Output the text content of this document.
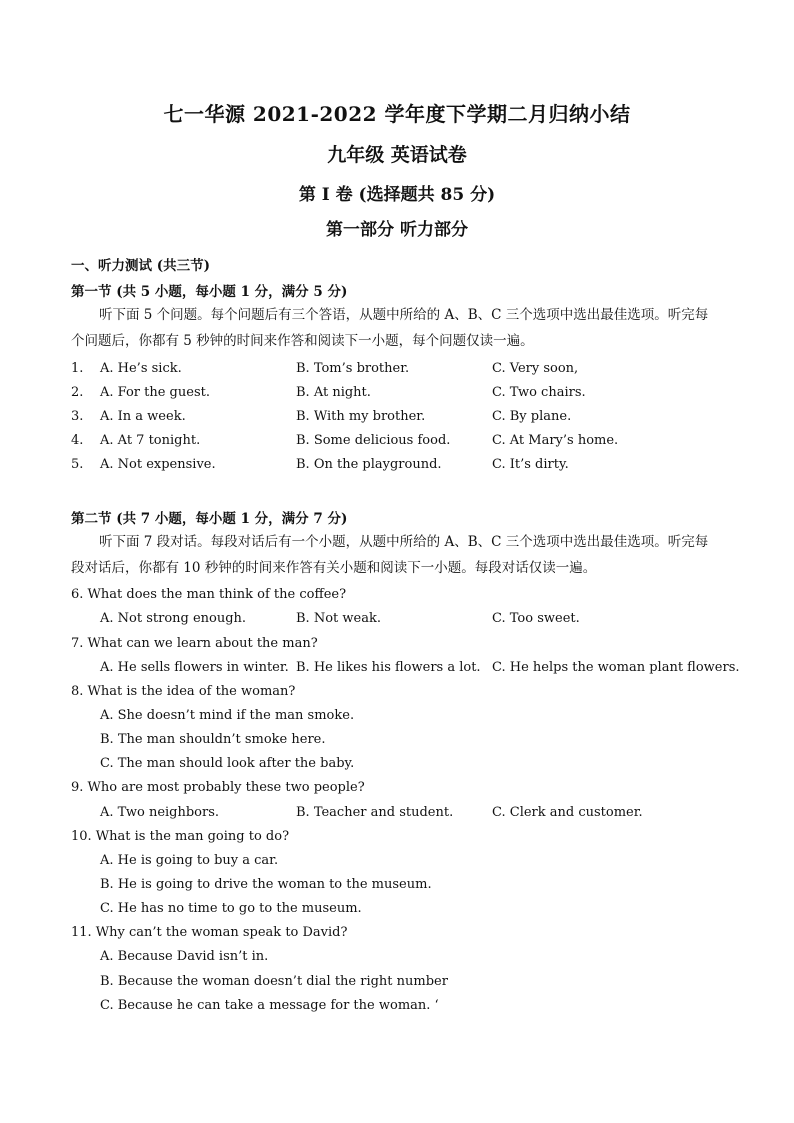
七一华源 2021-2022 学年度下学期二月归纳小结
九年级 英语试卷
第 I 卷 (选择题共 85 分)
第一部分 听力部分
一、听力测试 (共三节)
第一节 (共 5 小题，每小题 1 分，满分 5 分)
听下面 5 个问题。每个问题后有三个答语，从题中所给的 A、B、C 三个选项中选出最佳选项。听完每
个问题后，你都有 5 秒钟的时间来作答和阅读下一小题，每个问题仅读一遍。
1. A. He’s sick.	B. Tom’s brother.	C. Very soon,
2. A. For the guest.	B. At night.	C. Two chairs.
3. A. In a week.	B. With my brother.	C. By plane.
4. A. At 7 tonight.	B. Some delicious food.	C. At Mary’s home.
5. A. Not expensive.	B. On the playground.	C. It’s dirty.
第二节 (共 7 小题，每小题 1 分，满分 7 分)
听下面 7 段对话。每段对话后有一个小题，从题中所给的 A、B、C 三个选项中选出最佳选项。听完每
段对话后，你都有 10 秒钟的时间来作答有关小题和阅读下一小题。每段对话仅读一遍。
6. What does the man think of the coffee?
A. Not strong enough.	B. Not weak.	C. Too sweet.
7. What can we learn about the man?
A. He sells flowers in winter. B. He likes his flowers a lot. C. He helps the woman plant flowers.
8. What is the idea of the woman?
A. She doesn’t mind if the man smoke.
B. The man shouldn’t smoke here.
C. The man should look after the baby.
9. Who are most probably these two people?
A. Two neighbors.	B. Teacher and student.	C. Clerk and customer.
10. What is the man going to do?
A. He is going to buy a car.
B. He is going to drive the woman to the museum.
C. He has no time to go to the museum.
11. Why can’t the woman speak to David?
A. Because David isn’t in.
B. Because the woman doesn’t dial the right number
C. Because he can take a message for the woman. ‘
